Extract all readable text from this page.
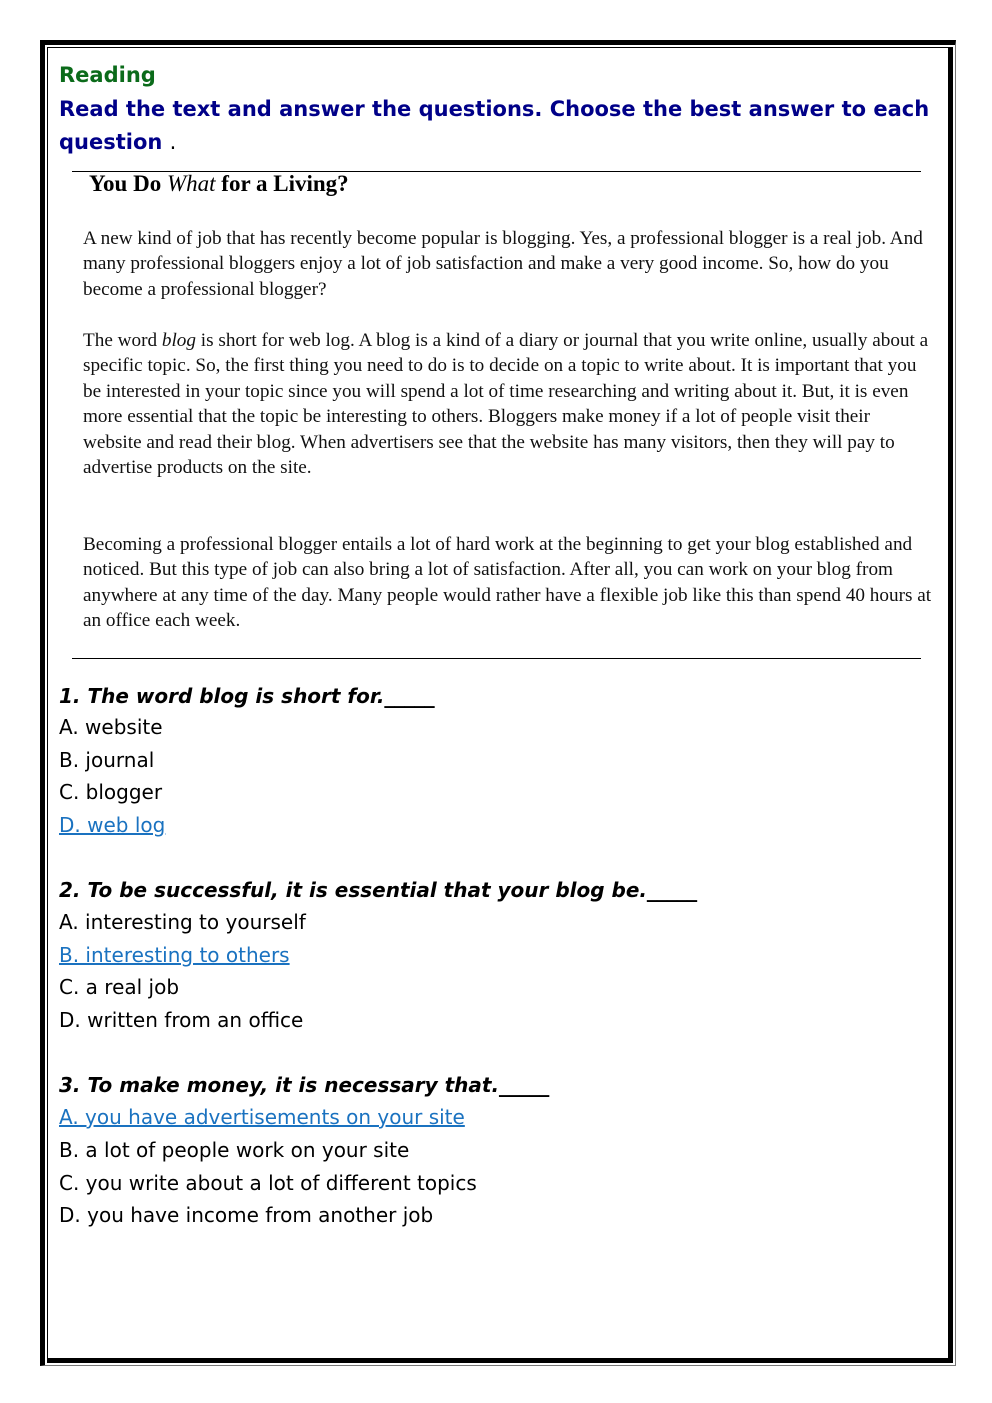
Reading

Read the text and answer the questions. Choose the best answer to each question .

You Do What for a Living?

A new kind of job that has recently become popular is blogging. Yes, a professional blogger is a real job. And many professional bloggers enjoy a lot of job satisfaction and make a very good income. So, how do you become a professional blogger?

The word blog is short for web log. A blog is a kind of a diary or journal that you write online, usually about a specific topic. So, the first thing you need to do is to decide on a topic to write about. It is important that you be interested in your topic since you will spend a lot of time researching and writing about it. But, it is even more essential that the topic be interesting to others. Bloggers make money if a lot of people visit their website and read their blog. When advertisers see that the website has many visitors, then they will pay to advertise products on the site.

Becoming a professional blogger entails a lot of hard work at the beginning to get your blog established and noticed. But this type of job can also bring a lot of satisfaction. After all, you can work on your blog from anywhere at any time of the day. Many people would rather have a flexible job like this than spend 40 hours at an office each week.

1. The word blog is short for._____

A. website

B. journal

C. blogger

D. web log

2. To be successful, it is essential that your blog be._____

A. interesting to yourself

B. interesting to others

C. a real job

D. written from an office

3. To make money, it is necessary that._____

A. you have advertisements on your site

B. a lot of people work on your site

C. you write about a lot of different topics

D. you have income from another job
